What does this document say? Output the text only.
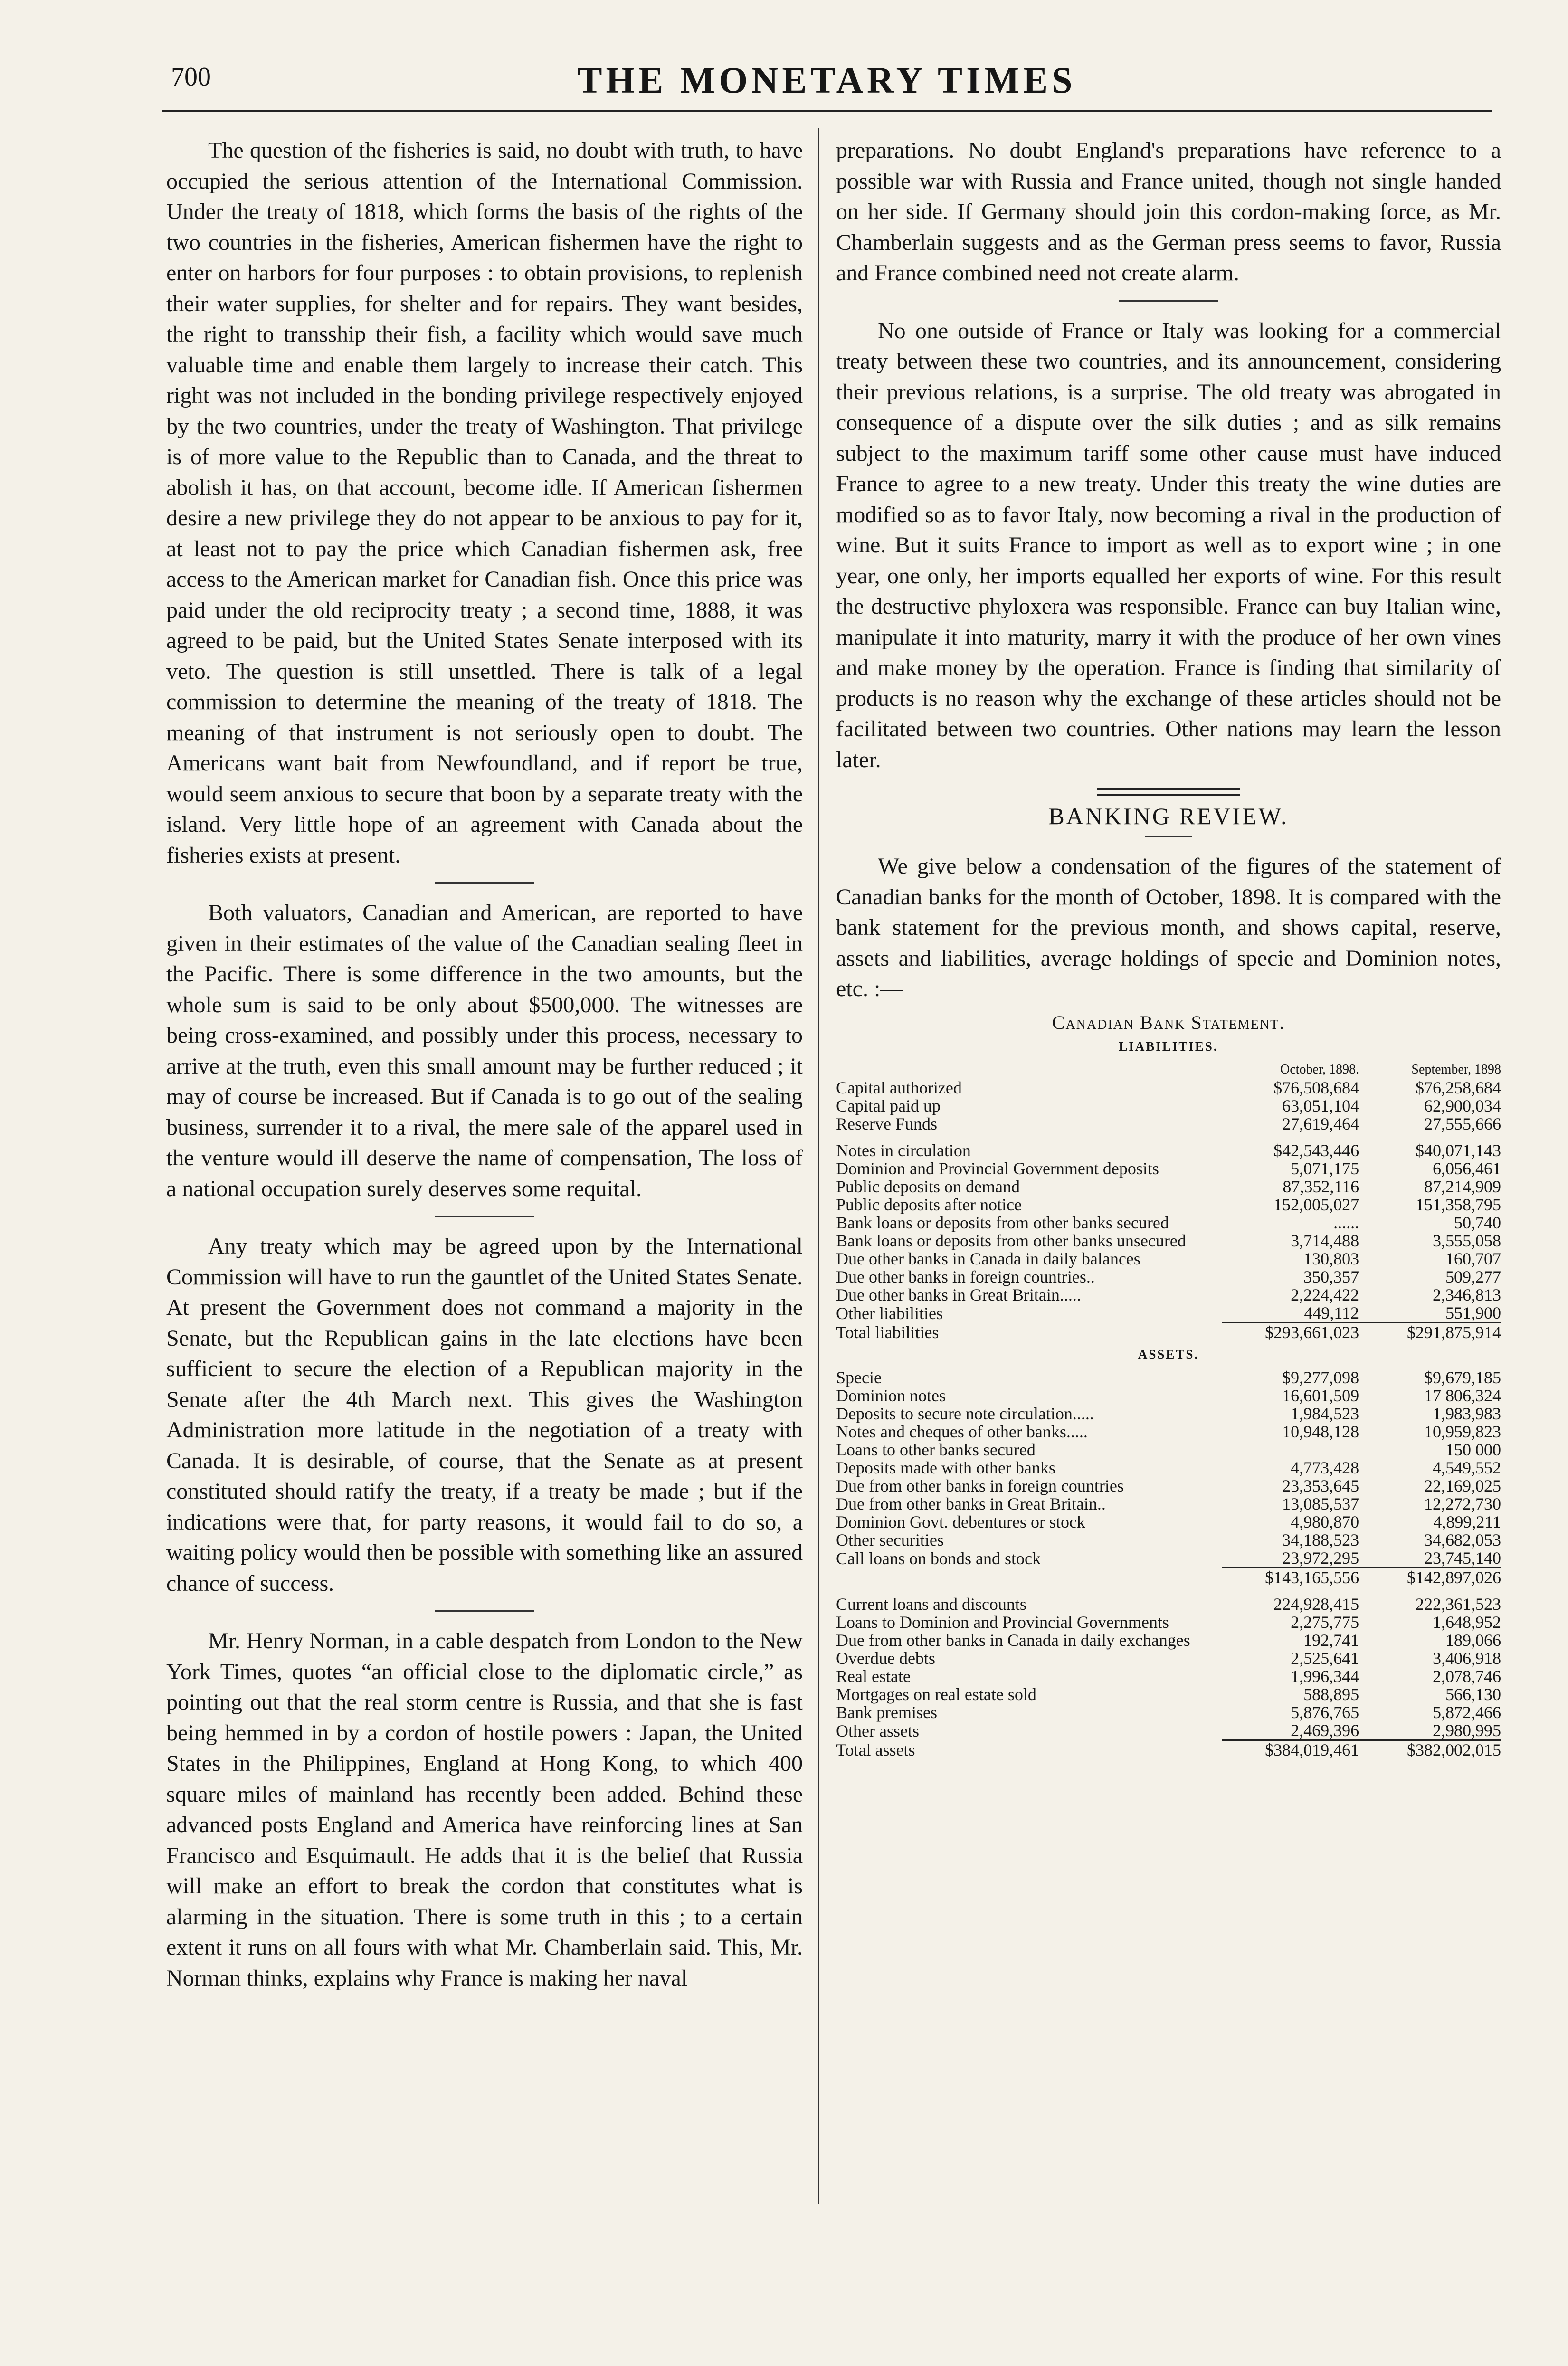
700	THE MONETARY TIMES

The question of the fisheries is said, no doubt with truth, to have occupied the serious attention of the International Commission. Under the treaty of 1818, which forms the basis of the rights of the two countries in the fisheries, American fishermen have the right to enter on harbors for four purposes : to obtain provisions, to replenish their water supplies, for shelter and for repairs. They want besides, the right to transship their fish, a facility which would save much valuable time and enable them largely to increase their catch. This right was not included in the bonding privilege respectively enjoyed by the two countries, under the treaty of Washington. That privilege is of more value to the Republic than to Canada, and the threat to abolish it has, on that account, become idle. If American fishermen desire a new privilege they do not appear to be anxious to pay for it, at least not to pay the price which Canadian fishermen ask, free access to the American market for Canadian fish. Once this price was paid under the old reciprocity treaty ; a second time, 1888, it was agreed to be paid, but the United States Senate interposed with its veto. The question is still unsettled. There is talk of a legal commission to determine the meaning of the treaty of 1818. The meaning of that instrument is not seriously open to doubt. The Americans want bait from Newfoundland, and if report be true, would seem anxious to secure that boon by a separate treaty with the island. Very little hope of an agreement with Canada about the fisheries exists at present.

Both valuators, Canadian and American, are reported to have given in their estimates of the value of the Canadian sealing fleet in the Pacific. There is some difference in the two amounts, but the whole sum is said to be only about $500,000. The witnesses are being cross-examined, and possibly under this process, necessary to arrive at the truth, even this small amount may be further reduced ; it may of course be increased. But if Canada is to go out of the sealing business, surrender it to a rival, the mere sale of the apparel used in the venture would ill deserve the name of compensation, The loss of a national occupation surely deserves some requital.

Any treaty which may be agreed upon by the International Commission will have to run the gauntlet of the United States Senate. At present the Government does not command a majority in the Senate, but the Republican gains in the late elections have been sufficient to secure the election of a Republican majority in the Senate after the 4th March next. This gives the Washington Administration more latitude in the negotiation of a treaty with Canada. It is desirable, of course, that the Senate as at present constituted should ratify the treaty, if a treaty be made ; but if the indications were that, for party reasons, it would fail to do so, a waiting policy would then be possible with something like an assured chance of success.

Mr. Henry Norman, in a cable despatch from London to the New York Times, quotes “an official close to the diplomatic circle,” as pointing out that the real storm centre is Russia, and that she is fast being hemmed in by a cordon of hostile powers : Japan, the United States in the Philippines, England at Hong Kong, to which 400 square miles of mainland has recently been added. Behind these advanced posts England and America have reinforcing lines at San Francisco and Esquimault. He adds that it is the belief that Russia will make an effort to break the cordon that constitutes what is alarming in the situation. There is some truth in this ; to a certain extent it runs on all fours with what Mr. Chamberlain said. This, Mr. Norman thinks, explains why France is making her naval

preparations. No doubt England's preparations have reference to a possible war with Russia and France united, though not single handed on her side. If Germany should join this cordon-making force, as Mr. Chamberlain suggests and as the German press seems to favor, Russia and France combined need not create alarm.

No one outside of France or Italy was looking for a commercial treaty between these two countries, and its announcement, considering their previous relations, is a surprise. The old treaty was abrogated in consequence of a dispute over the silk duties ; and as silk remains subject to the maximum tariff some other cause must have induced France to agree to a new treaty. Under this treaty the wine duties are modified so as to favor Italy, now becoming a rival in the production of wine. But it suits France to import as well as to export wine ; in one year, one only, her imports equalled her exports of wine. For this result the destructive phyloxera was responsible. France can buy Italian wine, manipulate it into maturity, marry it with the produce of her own vines and make money by the operation. France is finding that similarity of products is no reason why the exchange of these articles should not be facilitated between two countries. Other nations may learn the lesson later.

BANKING REVIEW.

We give below a condensation of the figures of the statement of Canadian banks for the month of October, 1898. It is compared with the bank statement for the previous month, and shows capital, reserve, assets and liabilities, average holdings of specie and Dominion notes, etc. :—

Canadian Bank Statement.
LIABILITIES.
	October, 1898.	September, 1898
Capital authorized	$76,508,684	$76,258,684
Capital paid up	63,051,104	62,900,034
Reserve Funds	27,619,464	27,555,666

Notes in circulation	$42,543,446	$40,071,143
Dominion and Provincial Government deposits	5,071,175	6,056,461
Public deposits on demand	87,352,116	87,214,909
Public deposits after notice	152,005,027	151,358,795
Bank loans or deposits from other banks secured	......	50,740
Bank loans or deposits from other banks unsecured	3,714,488	3,555,058
Due other banks in Canada in daily balances	130,803	160,707
Due other banks in foreign countries..	350,357	509,277
Due other banks in Great Britain.....	2,224,422	2,346,813
Other liabilities	449,112	551,900
Total liabilities	$293,661,023	$291,875,914
ASSETS.
Specie	$9,277,098	$9,679,185
Dominion notes	16,601,509	17 806,324
Deposits to secure note circulation.....	1,984,523	1,983,983
Notes and cheques of other banks.....	10,948,128	10,959,823
Loans to other banks secured		150 000
Deposits made with other banks	4,773,428	4,549,552
Due from other banks in foreign countries	23,353,645	22,169,025
Due from other banks in Great Britain..	13,085,537	12,272,730
Dominion Govt. debentures or stock	4,980,870	4,899,211
Other securities	34,188,523	34,682,053
Call loans on bonds and stock	23,972,295	23,745,140
	$143,165,556	$142,897,026

Current loans and discounts	224,928,415	222,361,523
Loans to Dominion and Provincial Governments	2,275,775	1,648,952
Due from other banks in Canada in daily exchanges	192,741	189,066
Overdue debts	2,525,641	3,406,918
Real estate	1,996,344	2,078,746
Mortgages on real estate sold	588,895	566,130
Bank premises	5,876,765	5,872,466
Other assets	2,469,396	2,980,995
Total assets	$384,019,461	$382,002,015
